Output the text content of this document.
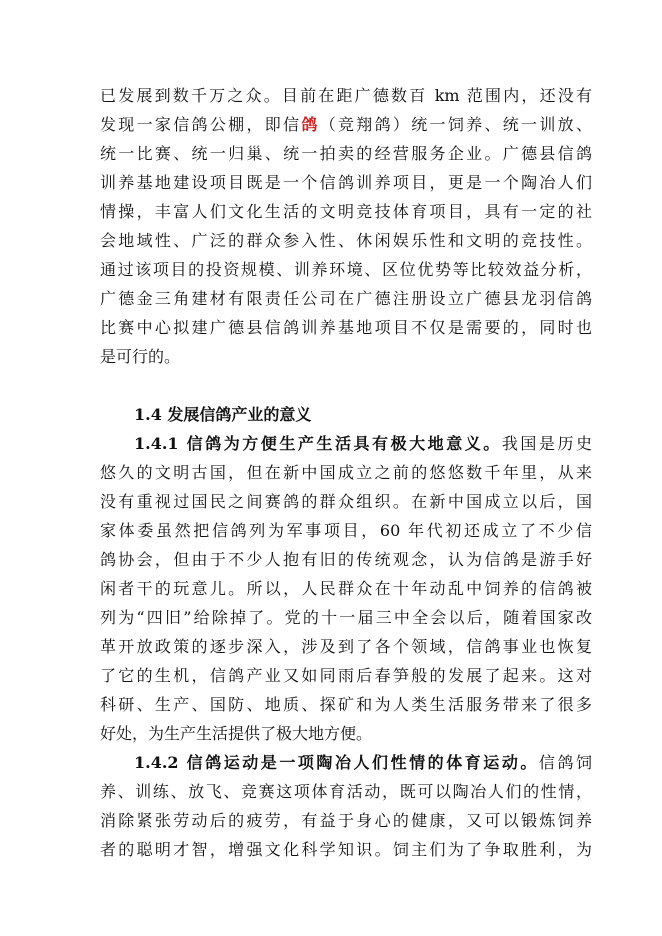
已发展到数千万之众。目前在距广德数百 km 范围内，还没有
发现一家信鸽公棚，即信鸽（竞翔鸽）统一饲养、统一训放、
统一比赛、统一归巢、统一拍卖的经营服务企业。广德县信鸽
训养基地建设项目既是一个信鸽训养项目，更是一个陶冶人们
情操，丰富人们文化生活的文明竞技体育项目，具有一定的社
会地域性、广泛的群众参入性、休闲娱乐性和文明的竞技性。
通过该项目的投资规模、训养环境、区位优势等比较效益分析，
广德金三角建材有限责任公司在广德注册设立广德县龙羽信鸽
比赛中心拟建广德县信鸽训养基地项目不仅是需要的，同时也
是可行的。
1.4 发展信鸽产业的意义
1.4.1 信鸽为方便生产生活具有极大地意义。我国是历史
悠久的文明古国，但在新中国成立之前的悠悠数千年里，从来
没有重视过国民之间赛鸽的群众组织。在新中国成立以后，国
家体委虽然把信鸽列为军事项目，60 年代初还成立了不少信
鸽协会，但由于不少人抱有旧的传统观念，认为信鸽是游手好
闲者干的玩意儿。所以，人民群众在十年动乱中饲养的信鸽被
列为“四旧”给除掉了。党的十一届三中全会以后，随着国家改
革开放政策的逐步深入，涉及到了各个领域，信鸽事业也恢复
了它的生机，信鸽产业又如同雨后春笋般的发展了起来。这对
科研、生产、国防、地质、探矿和为人类生活服务带来了很多
好处，为生产生活提供了极大地方便。
1.4.2 信鸽运动是一项陶冶人们性情的体育运动。信鸽饲
养、训练、放飞、竞赛这项体育活动，既可以陶冶人们的性情，
消除紧张劳动后的疲劳，有益于身心的健康，又可以锻炼饲养
者的聪明才智，增强文化科学知识。饲主们为了争取胜利，为
